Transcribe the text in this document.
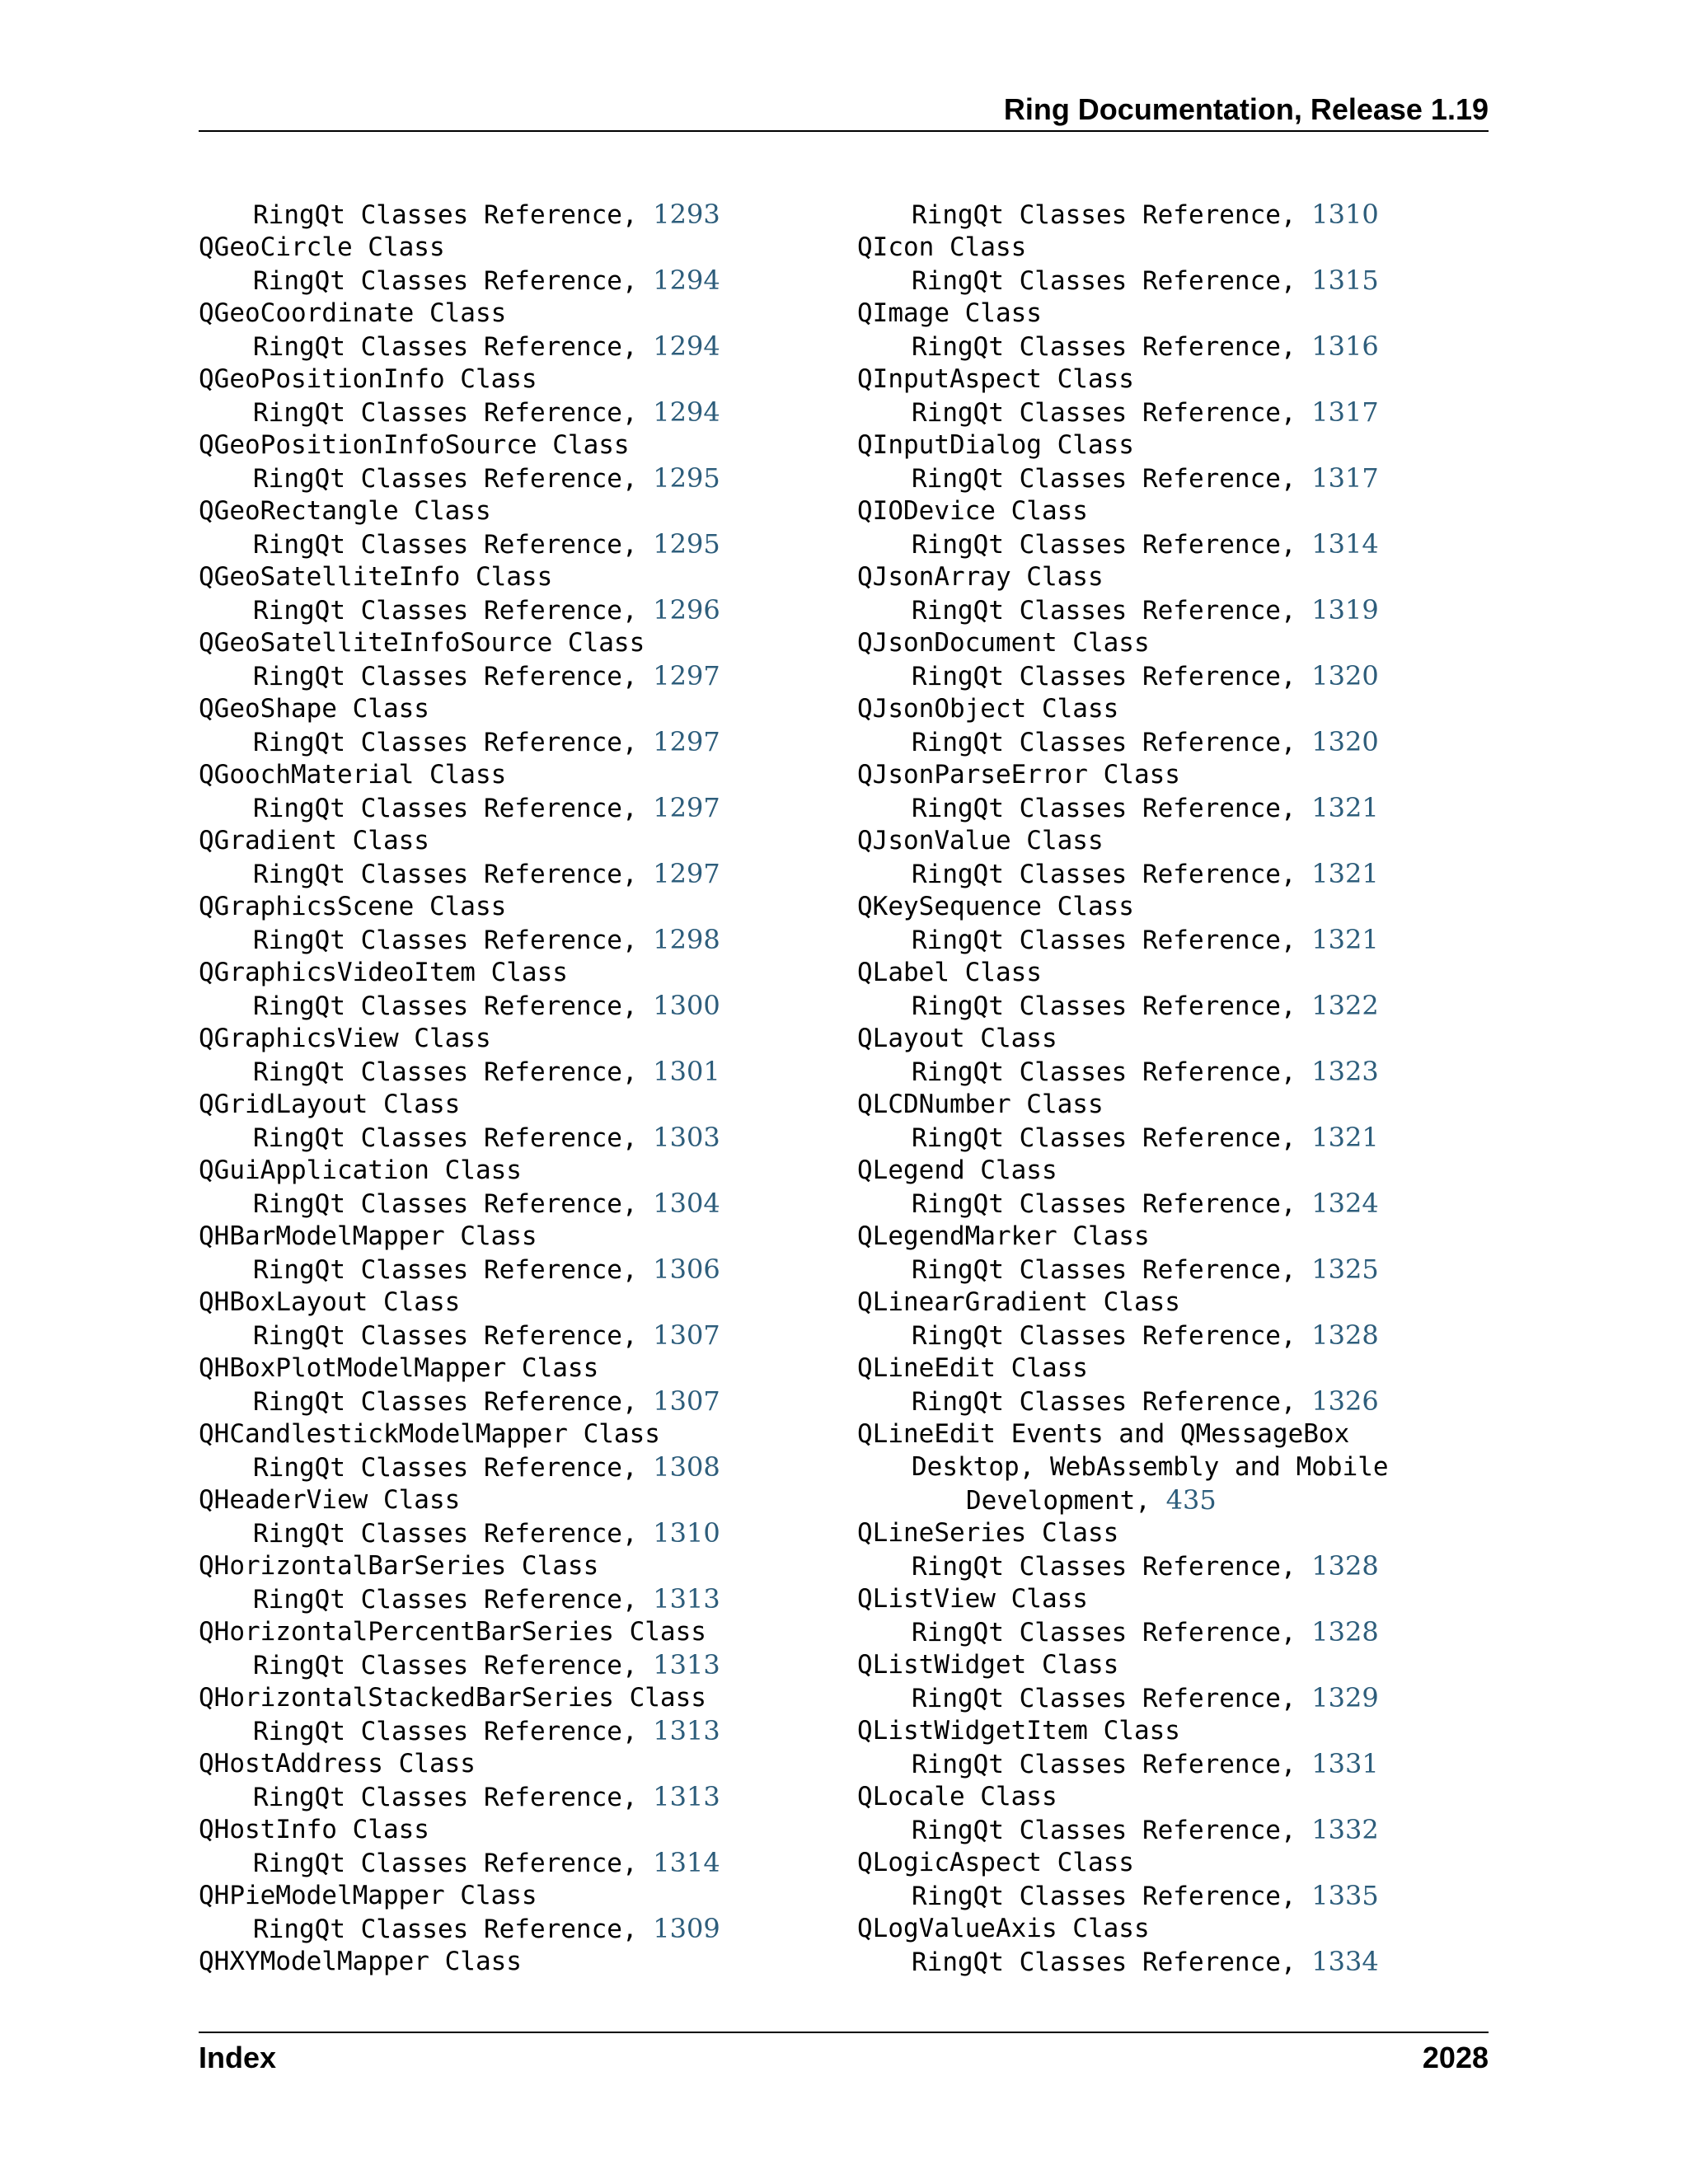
Ring Documentation, Release 1.19
RingQt Classes Reference, 1293
QGeoCircle Class
RingQt Classes Reference, 1294
QGeoCoordinate Class
RingQt Classes Reference, 1294
QGeoPositionInfo Class
RingQt Classes Reference, 1294
QGeoPositionInfoSource Class
RingQt Classes Reference, 1295
QGeoRectangle Class
RingQt Classes Reference, 1295
QGeoSatelliteInfo Class
RingQt Classes Reference, 1296
QGeoSatelliteInfoSource Class
RingQt Classes Reference, 1297
QGeoShape Class
RingQt Classes Reference, 1297
QGoochMaterial Class
RingQt Classes Reference, 1297
QGradient Class
RingQt Classes Reference, 1297
QGraphicsScene Class
RingQt Classes Reference, 1298
QGraphicsVideoItem Class
RingQt Classes Reference, 1300
QGraphicsView Class
RingQt Classes Reference, 1301
QGridLayout Class
RingQt Classes Reference, 1303
QGuiApplication Class
RingQt Classes Reference, 1304
QHBarModelMapper Class
RingQt Classes Reference, 1306
QHBoxLayout Class
RingQt Classes Reference, 1307
QHBoxPlotModelMapper Class
RingQt Classes Reference, 1307
QHCandlestickModelMapper Class
RingQt Classes Reference, 1308
QHeaderView Class
RingQt Classes Reference, 1310
QHorizontalBarSeries Class
RingQt Classes Reference, 1313
QHorizontalPercentBarSeries Class
RingQt Classes Reference, 1313
QHorizontalStackedBarSeries Class
RingQt Classes Reference, 1313
QHostAddress Class
RingQt Classes Reference, 1313
QHostInfo Class
RingQt Classes Reference, 1314
QHPieModelMapper Class
RingQt Classes Reference, 1309
QHXYModelMapper Class
RingQt Classes Reference, 1310
QIcon Class
RingQt Classes Reference, 1315
QImage Class
RingQt Classes Reference, 1316
QInputAspect Class
RingQt Classes Reference, 1317
QInputDialog Class
RingQt Classes Reference, 1317
QIODevice Class
RingQt Classes Reference, 1314
QJsonArray Class
RingQt Classes Reference, 1319
QJsonDocument Class
RingQt Classes Reference, 1320
QJsonObject Class
RingQt Classes Reference, 1320
QJsonParseError Class
RingQt Classes Reference, 1321
QJsonValue Class
RingQt Classes Reference, 1321
QKeySequence Class
RingQt Classes Reference, 1321
QLabel Class
RingQt Classes Reference, 1322
QLayout Class
RingQt Classes Reference, 1323
QLCDNumber Class
RingQt Classes Reference, 1321
QLegend Class
RingQt Classes Reference, 1324
QLegendMarker Class
RingQt Classes Reference, 1325
QLinearGradient Class
RingQt Classes Reference, 1328
QLineEdit Class
RingQt Classes Reference, 1326
QLineEdit Events and QMessageBox
Desktop, WebAssembly and Mobile
Development, 435
QLineSeries Class
RingQt Classes Reference, 1328
QListView Class
RingQt Classes Reference, 1328
QListWidget Class
RingQt Classes Reference, 1329
QListWidgetItem Class
RingQt Classes Reference, 1331
QLocale Class
RingQt Classes Reference, 1332
QLogicAspect Class
RingQt Classes Reference, 1335
QLogValueAxis Class
RingQt Classes Reference, 1334
Index	2028
